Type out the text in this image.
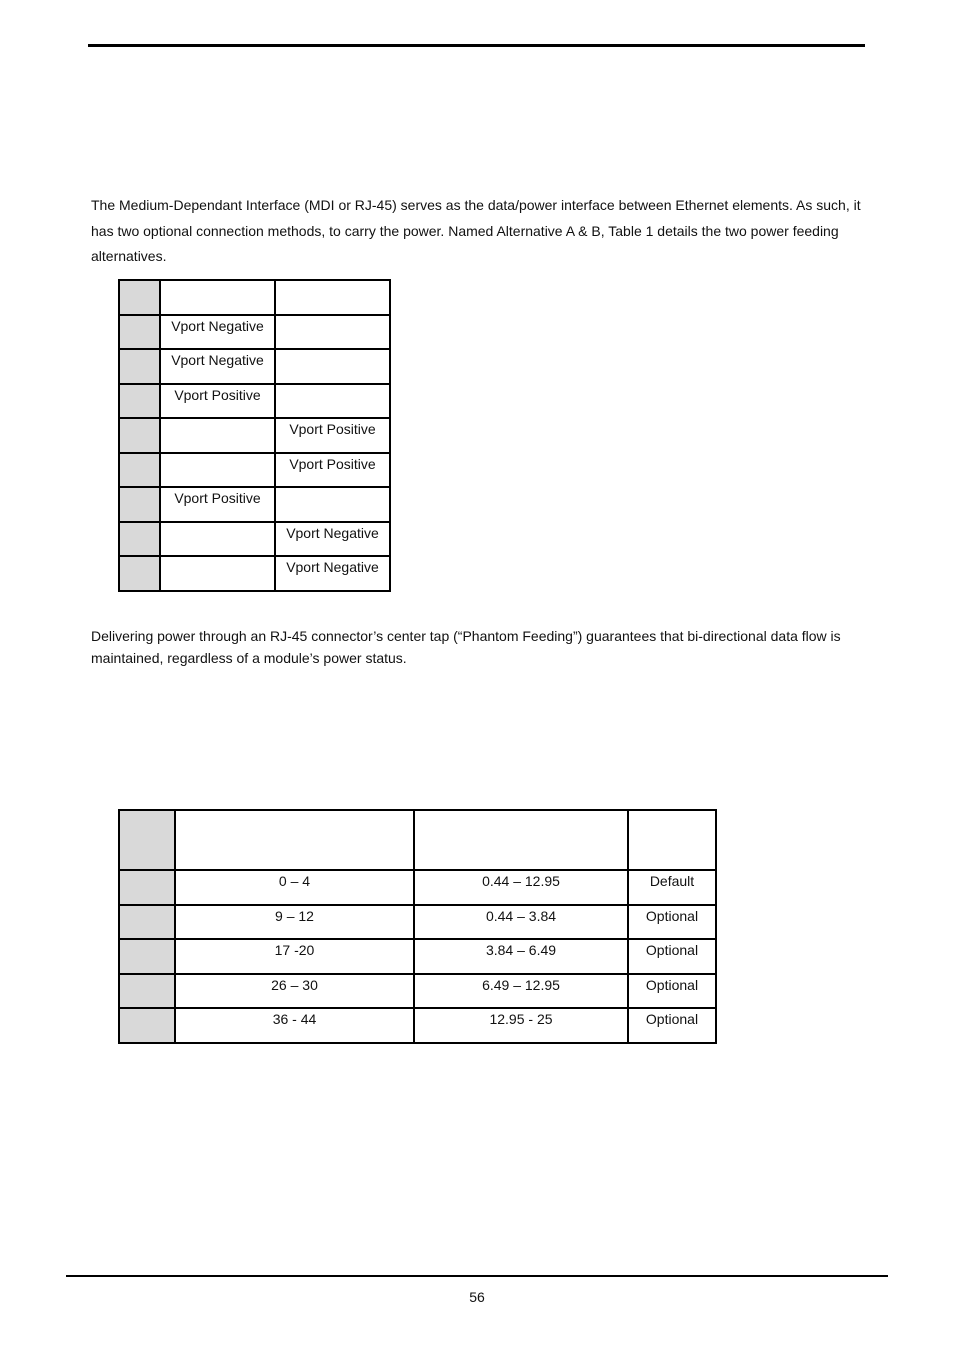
The Medium-Dependant Interface (MDI or RJ-45) serves as the data/power interface between Ethernet elements. As such, it has two optional connection methods, to carry the power. Named Alternative A & B, Table 1 details the two power feeding alternatives.

	Vport Negative	
	Vport Negative	
	Vport Positive	
		Vport Positive
		Vport Positive
	Vport Positive	
		Vport Negative
		Vport Negative

Delivering power through an RJ-45 connector’s center tap (“Phantom Feeding”) guarantees that bi-directional data flow is maintained, regardless of a module’s power status.

	0 – 4	0.44 – 12.95	Default
	9 – 12	0.44 – 3.84	Optional
	17 -20	3.84 – 6.49	Optional
	26 – 30	6.49 – 12.95	Optional
	36 - 44	12.95 - 25	Optional
56
